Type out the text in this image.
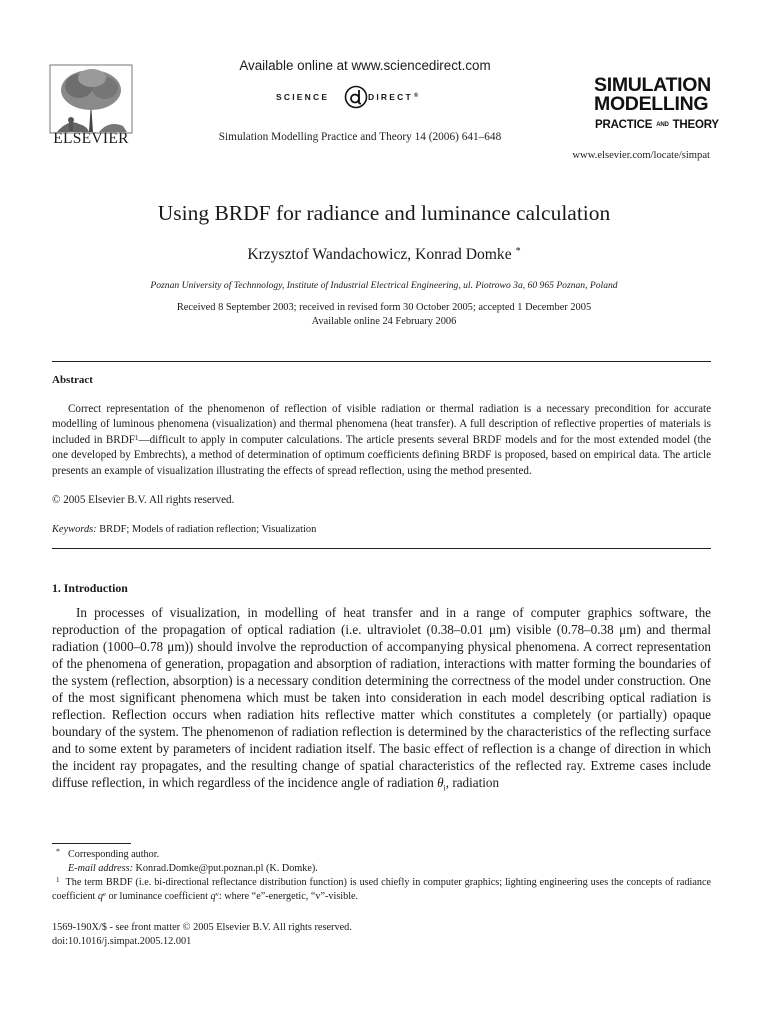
ELSEVIER
Available online at www.sciencedirect.com
SCIENCE	DIRECT®
Simulation Modelling Practice and Theory 14 (2006) 641–648
SIMULATION
MODELLING
PRACTICE AND THEORY
www.elsevier.com/locate/simpat
Using BRDF for radiance and luminance calculation
Krzysztof Wandachowicz, Konrad Domke *
Poznan University of Technnology, Institute of Industrial Electrical Engineering, ul. Piotrowo 3a, 60 965 Poznan, Poland
Received 8 September 2003; received in revised form 30 October 2005; accepted 1 December 2005
Available online 24 February 2006
Abstract
Correct representation of the phenomenon of reflection of visible radiation or thermal radiation is a necessary precondition for accurate modelling of luminous phenomena (visualization) and thermal phenomena (heat transfer). A full description of reflective properties of materials is included in BRDF$^1$—difficult to apply in computer calculations. The article presents several BRDF models and for the most extended model (the one developed by Embrechts), a method of determination of optimum coefficients defining BRDF is proposed, based on empirical data. The article presents an example of visualization illustrating the effects of spread reflection, using the method presented.
© 2005 Elsevier B.V. All rights reserved.
Keywords: BRDF; Models of radiation reflection; Visualization
1. Introduction
In processes of visualization, in modelling of heat transfer and in a range of computer graphics software, the reproduction of the propagation of optical radiation (i.e. ultraviolet (0.38–0.01 μm) visible (0.78–0.38 μm) and thermal radiation (1000–0.78 μm)) should involve the reproduction of accompanying physical phenomena. A correct representation of the phenomena of generation, propagation and absorption of radiation, interactions with matter forming the boundaries of the system (reflection, absorption) is a necessary condition determining the correctness of the model under construction. One of the most significant phenomena which must be taken into consideration in each model describing optical radiation is reflection. Reflection occurs when radiation hits reflective matter which constitutes a completely (or partially) opaque boundary of the system. The phenomenon of radiation reflection is determined by the characteristics of the reflecting surface and to some extent by parameters of incident radiation itself. The basic effect of reflection is a change of direction in which the incident ray propagates, and the resulting change of spatial characteristics of the reflected ray. Extreme cases include diffuse reflection, in which regardless of the incidence angle of radiation $\theta_i$, radiation
* Corresponding author.
E-mail address: Konrad.Domke@put.poznan.pl (K. Domke).
$^1$ The term BRDF (i.e. bi-directional reflectance distribution function) is used chiefly in computer graphics; lighting engineering uses the concepts of radiance coefficient $q^e$ or luminance coefficient $q^v$: where “e”-energetic, “v”-visible.
1569-190X/$ - see front matter © 2005 Elsevier B.V. All rights reserved.
doi:10.1016/j.simpat.2005.12.001
